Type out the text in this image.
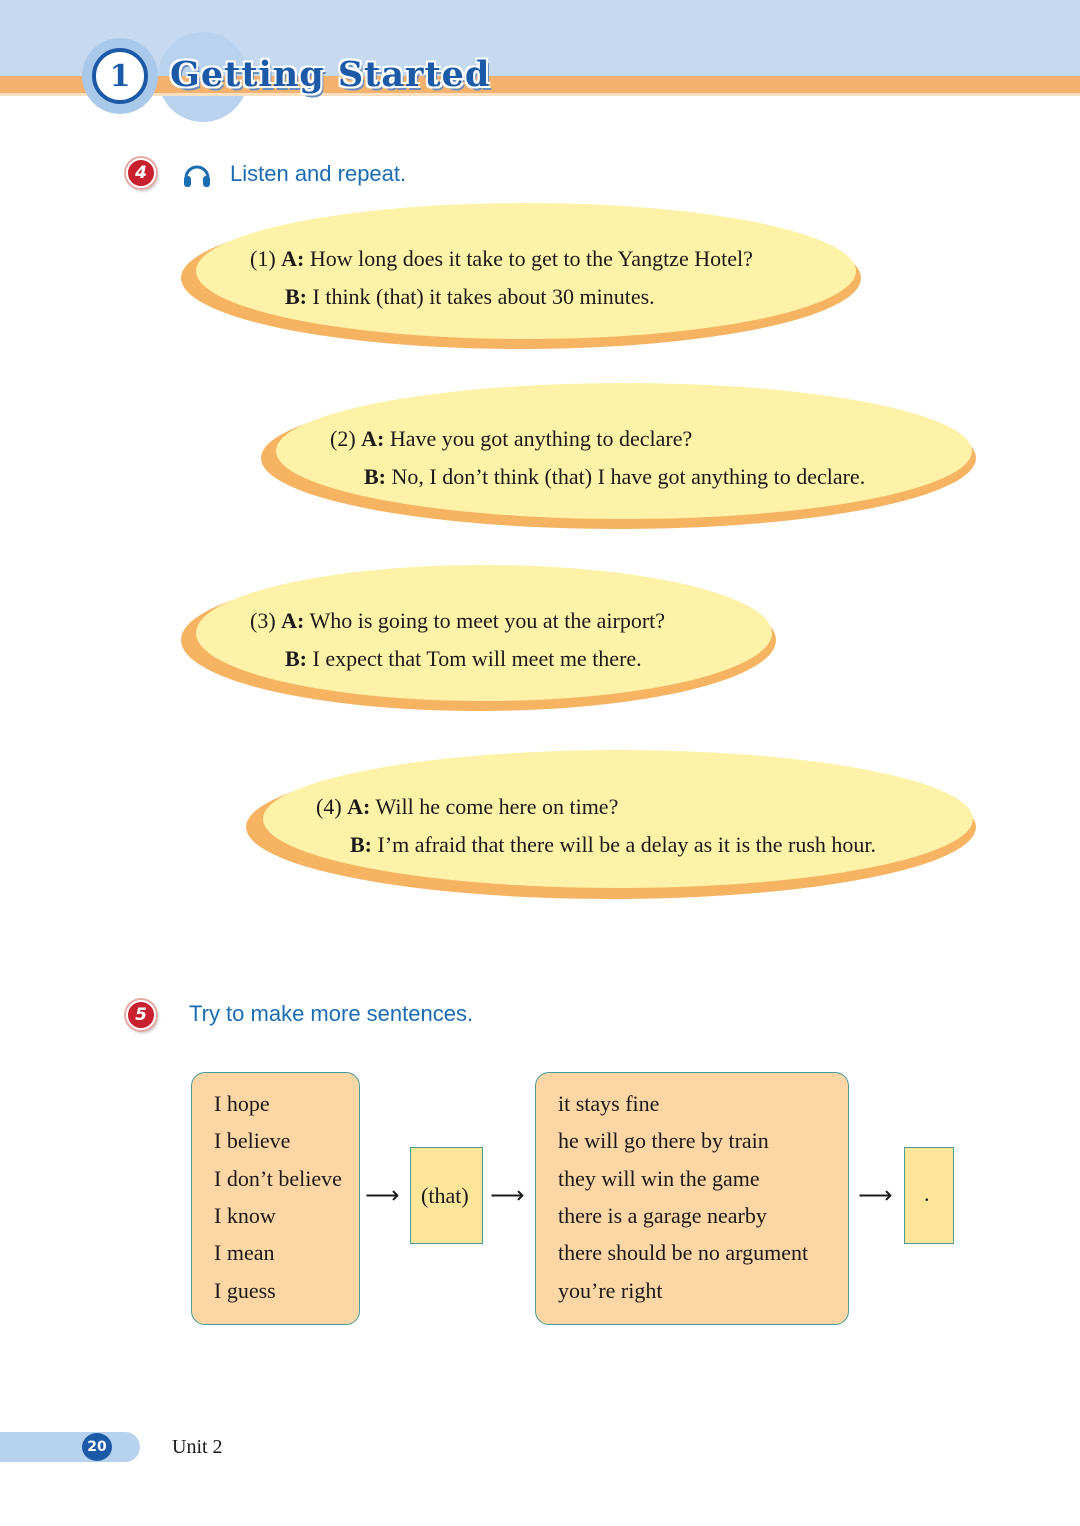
1	Getting Started
4	Listen and repeat.
(1) A: How long does it take to get to the Yangtze Hotel?
B: I think (that) it takes about 30 minutes.
(2) A: Have you got anything to declare?
B: No, I don’t think (that) I have got anything to declare.
(3) A: Who is going to meet you at the airport?
B: I expect that Tom will meet me there.
(4) A: Will he come here on time?
B: I’m afraid that there will be a delay as it is the rush hour.
5	Try to make more sentences.
I hope
I believe
I don’t believe
I know
I mean
I guess
⟶ (that) ⟶
it stays fine
he will go there by train
they will win the game
there is a garage nearby
there should be no argument
you’re right
⟶ .
20	Unit 2
